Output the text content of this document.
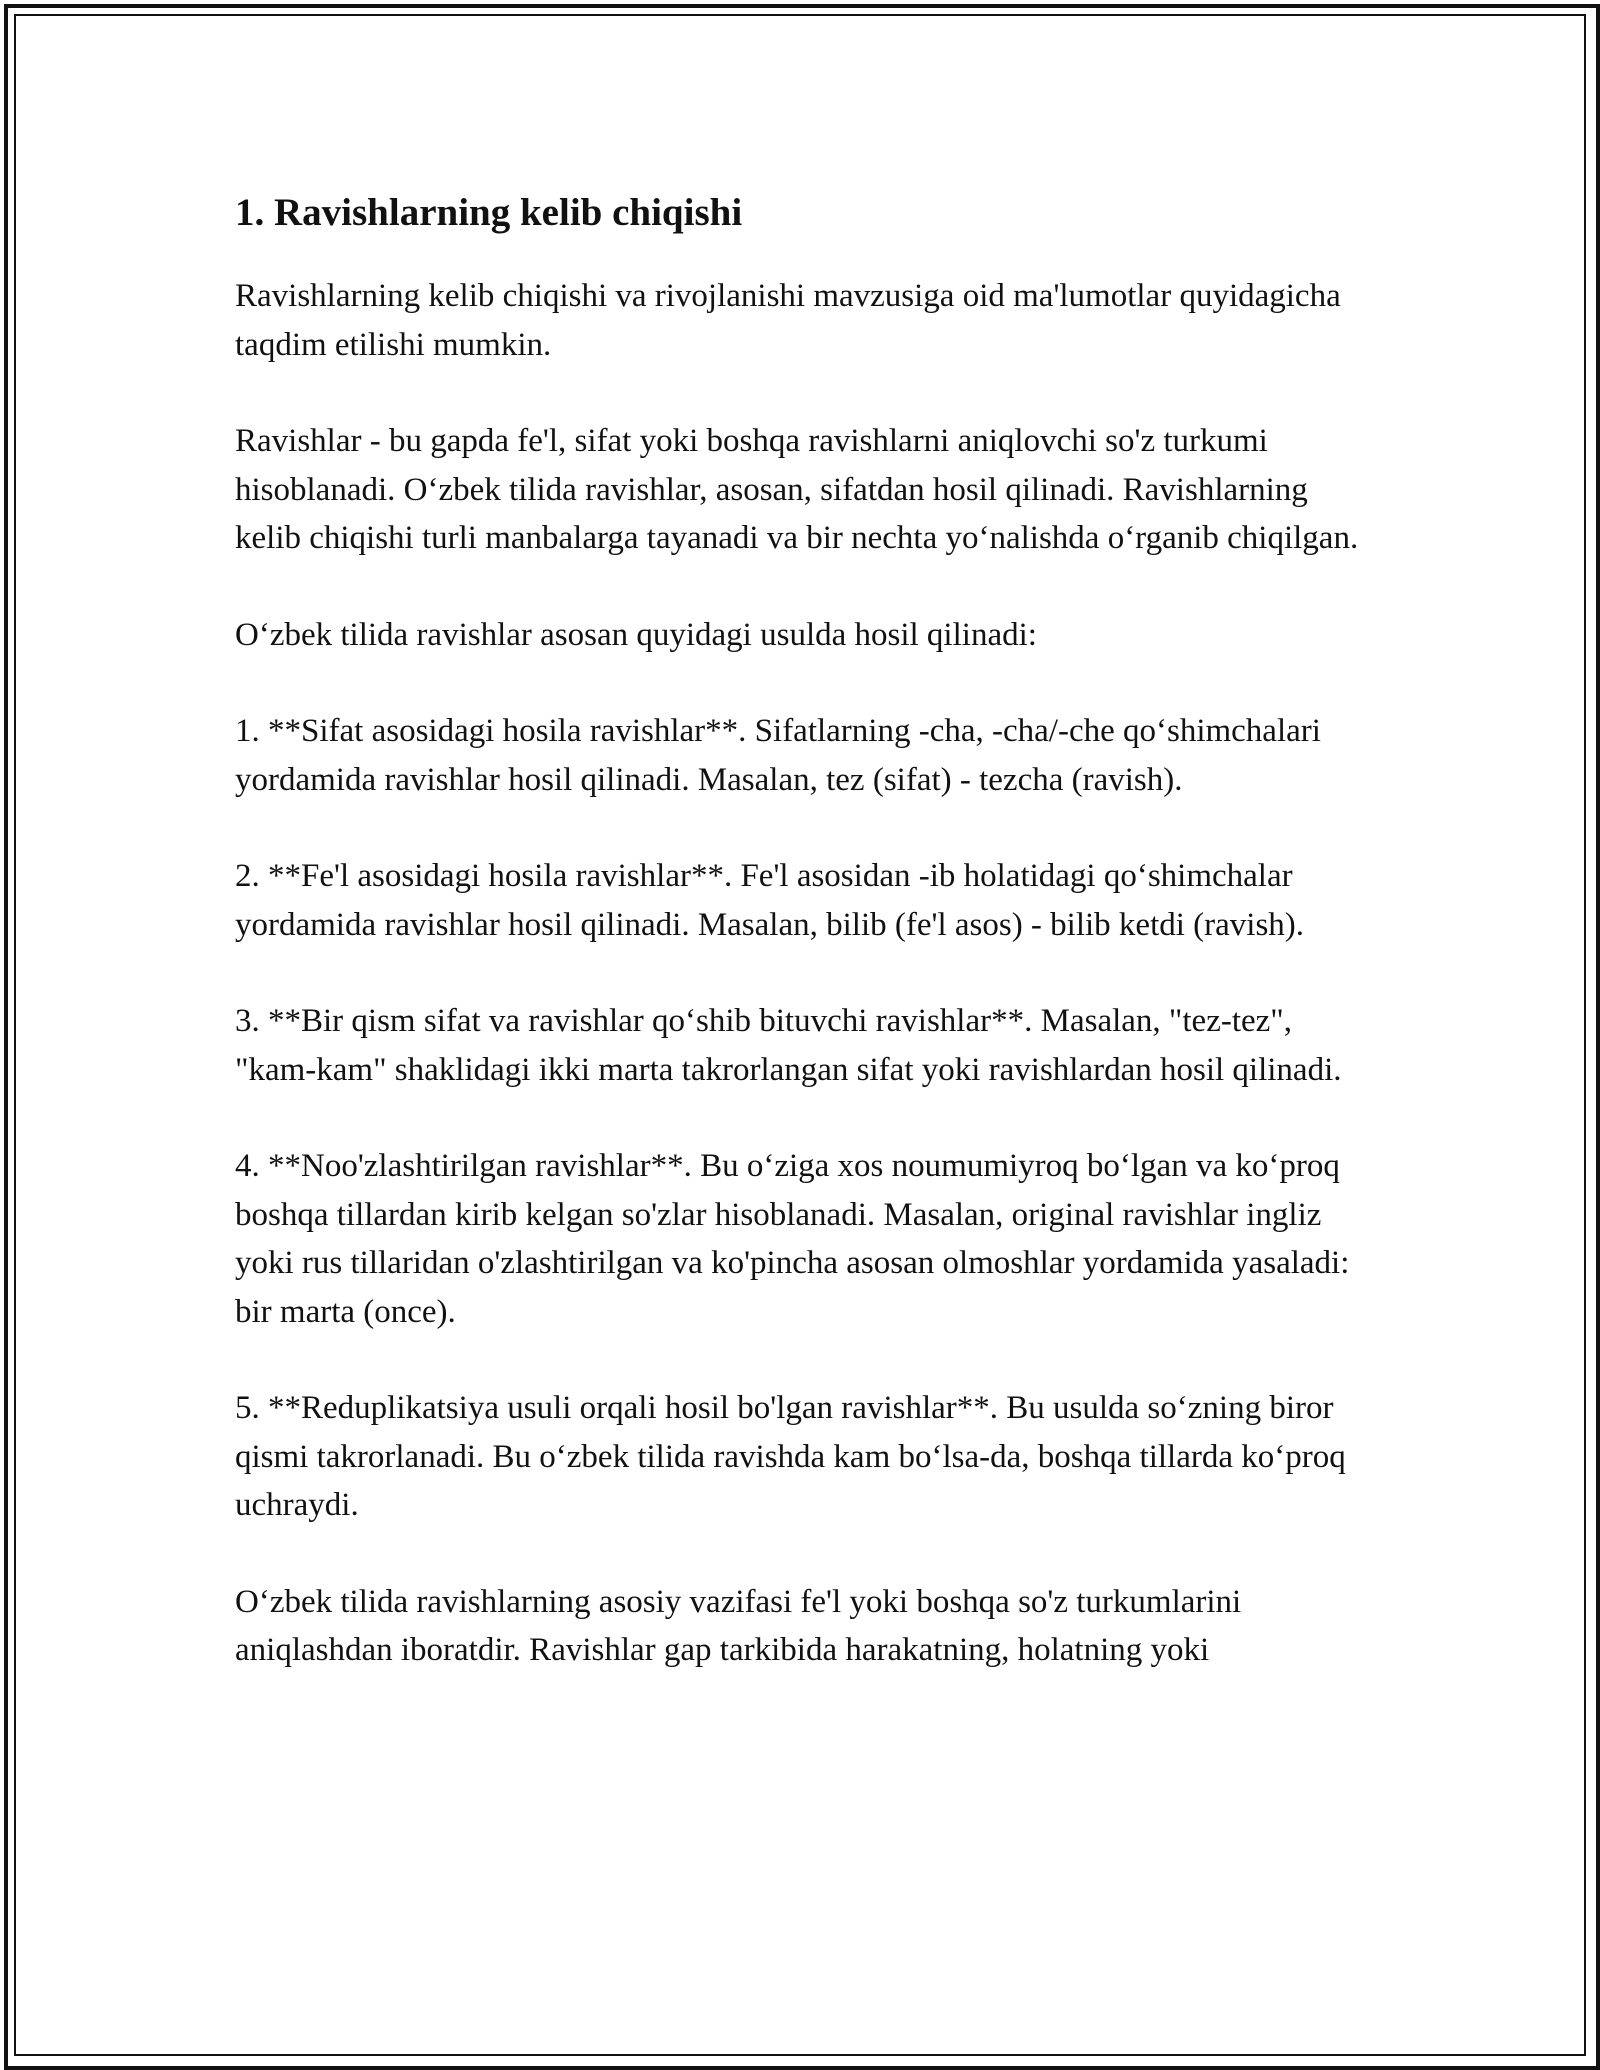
1. Ravishlarning kelib chiqishi

Ravishlarning kelib chiqishi va rivojlanishi mavzusiga oid ma'lumotlar quyidagicha taqdim etilishi mumkin.

Ravishlar - bu gapda fe'l, sifat yoki boshqa ravishlarni aniqlovchi so'z turkumi hisoblanadi. O‘zbek tilida ravishlar, asosan, sifatdan hosil qilinadi. Ravishlarning kelib chiqishi turli manbalarga tayanadi va bir nechta yo‘nalishda o‘rganib chiqilgan.

O‘zbek tilida ravishlar asosan quyidagi usulda hosil qilinadi:

1. **Sifat asosidagi hosila ravishlar**. Sifatlarning -cha, -cha/-che qo‘shimchalari yordamida ravishlar hosil qilinadi. Masalan, tez (sifat) - tezcha (ravish).

2. **Fe'l asosidagi hosila ravishlar**. Fe'l asosidan -ib holatidagi qo‘shimchalar yordamida ravishlar hosil qilinadi. Masalan, bilib (fe'l asos) - bilib ketdi (ravish).

3. **Bir qism sifat va ravishlar qo‘shib bituvchi ravishlar**. Masalan, "tez-tez", "kam-kam" shaklidagi ikki marta takrorlangan sifat yoki ravishlardan hosil qilinadi.

4. **Noo'zlashtirilgan ravishlar**. Bu o‘ziga xos noumumiyroq bo‘lgan va ko‘proq boshqa tillardan kirib kelgan so'zlar hisoblanadi. Masalan, original ravishlar ingliz yoki rus tillaridan o'zlashtirilgan va ko'pincha asosan olmoshlar yordamida yasaladi: bir marta (once).

5. **Reduplikatsiya usuli orqali hosil bo'lgan ravishlar**. Bu usulda so‘zning biror qismi takrorlanadi. Bu o‘zbek tilida ravishda kam bo‘lsa-da, boshqa tillarda ko‘proq uchraydi.

O‘zbek tilida ravishlarning asosiy vazifasi fe'l yoki boshqa so'z turkumlarini aniqlashdan iboratdir. Ravishlar gap tarkibida harakatning, holatning yoki
